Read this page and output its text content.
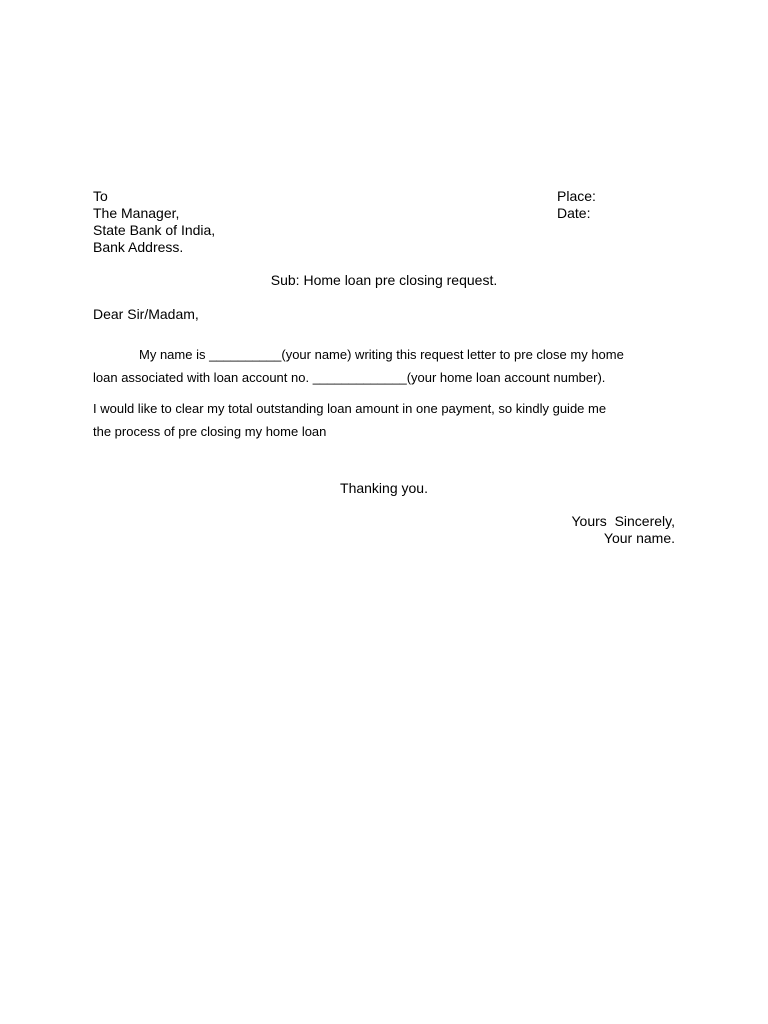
To
The Manager,
State Bank of India,
Bank Address.
Place:
Date:
Sub: Home loan pre closing request.
Dear Sir/Madam,
My name is __________(your name) writing this request letter to pre close my home
loan associated with loan account no. _____________(your home loan account number).
I would like to clear my total outstanding loan amount in one payment, so kindly guide me
the process of pre closing my home loan
Thanking you.
Yours  Sincerely,
Your name.
